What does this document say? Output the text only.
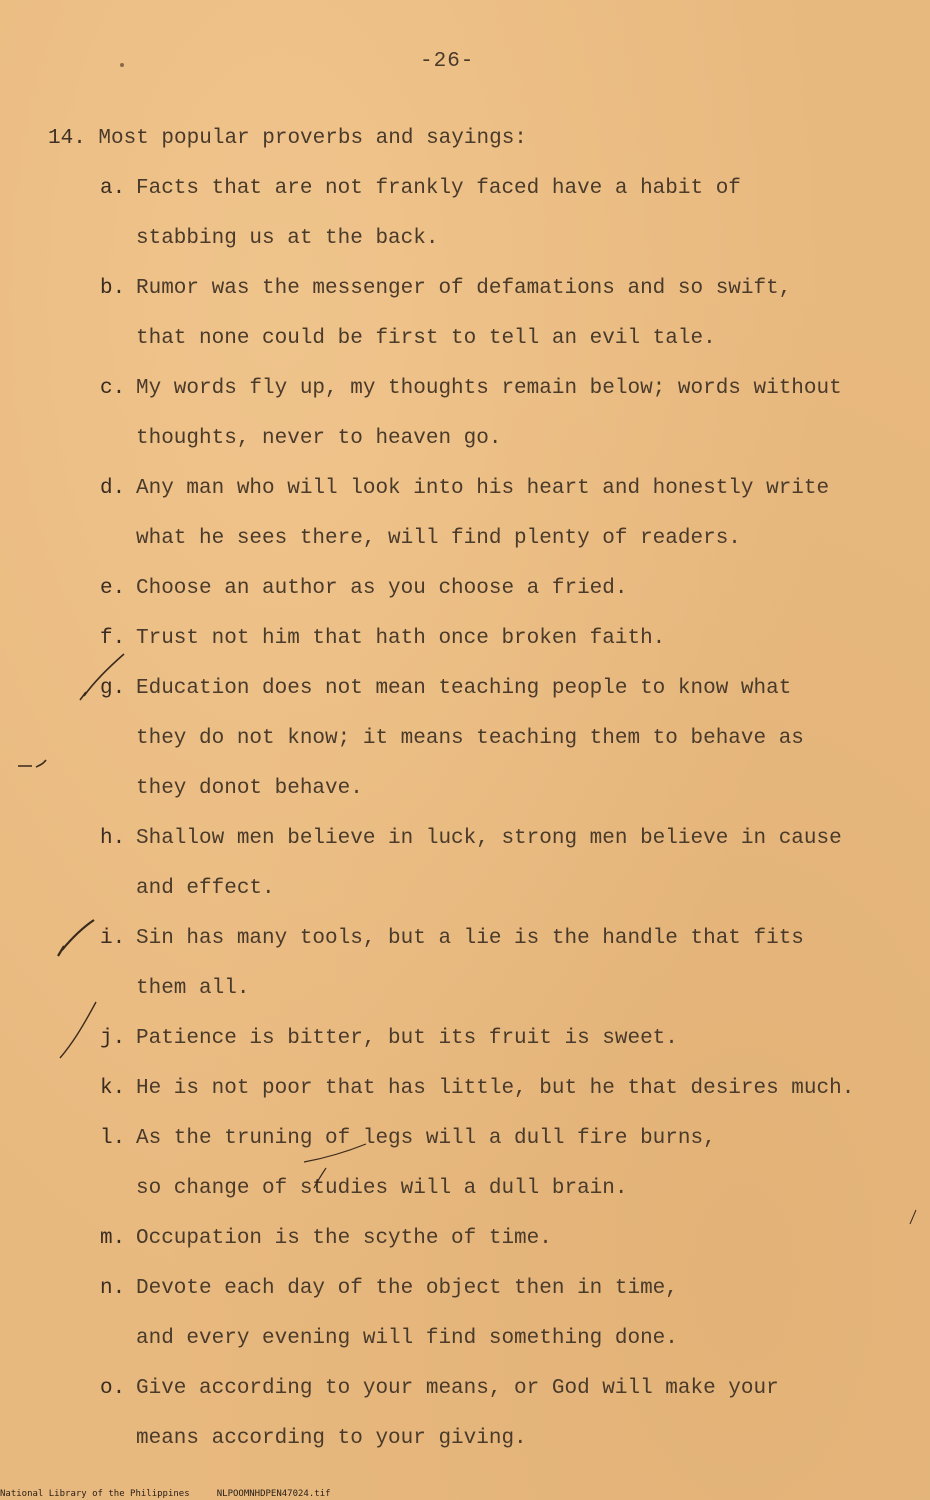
-26-
14. Most popular proverbs and sayings:
a. Facts that are not frankly faced have a habit of
stabbing us at the back.
b. Rumor was the messenger of defamations and so swift,
that none could be first to tell an evil tale.
c. My words fly up, my thoughts remain below; words without
thoughts, never to heaven go.
d. Any man who will look into his heart and honestly write
what he sees there, will find plenty of readers.
e. Choose an author as you choose a fried.
f. Trust not him that hath once broken faith.
g. Education does not mean teaching people to know what
they do not know; it means teaching them to behave as
they donot behave.
h. Shallow men believe in luck, strong men believe in cause
and effect.
i. Sin has many tools, but a lie is the handle that fits
them all.
j. Patience is bitter, but its fruit is sweet.
k. He is not poor that has little, but he that desires much.
l. As the truning of legs will a dull fire burns,
so change of studies will a dull brain.
m. Occupation is the scythe of time.
n. Devote each day of the object then in time,
and every evening will find something done.
o. Give according to your means, or God will make your
means according to your giving.
National Library of the Philippines     NLPOOMNHDPEN47024.tif
